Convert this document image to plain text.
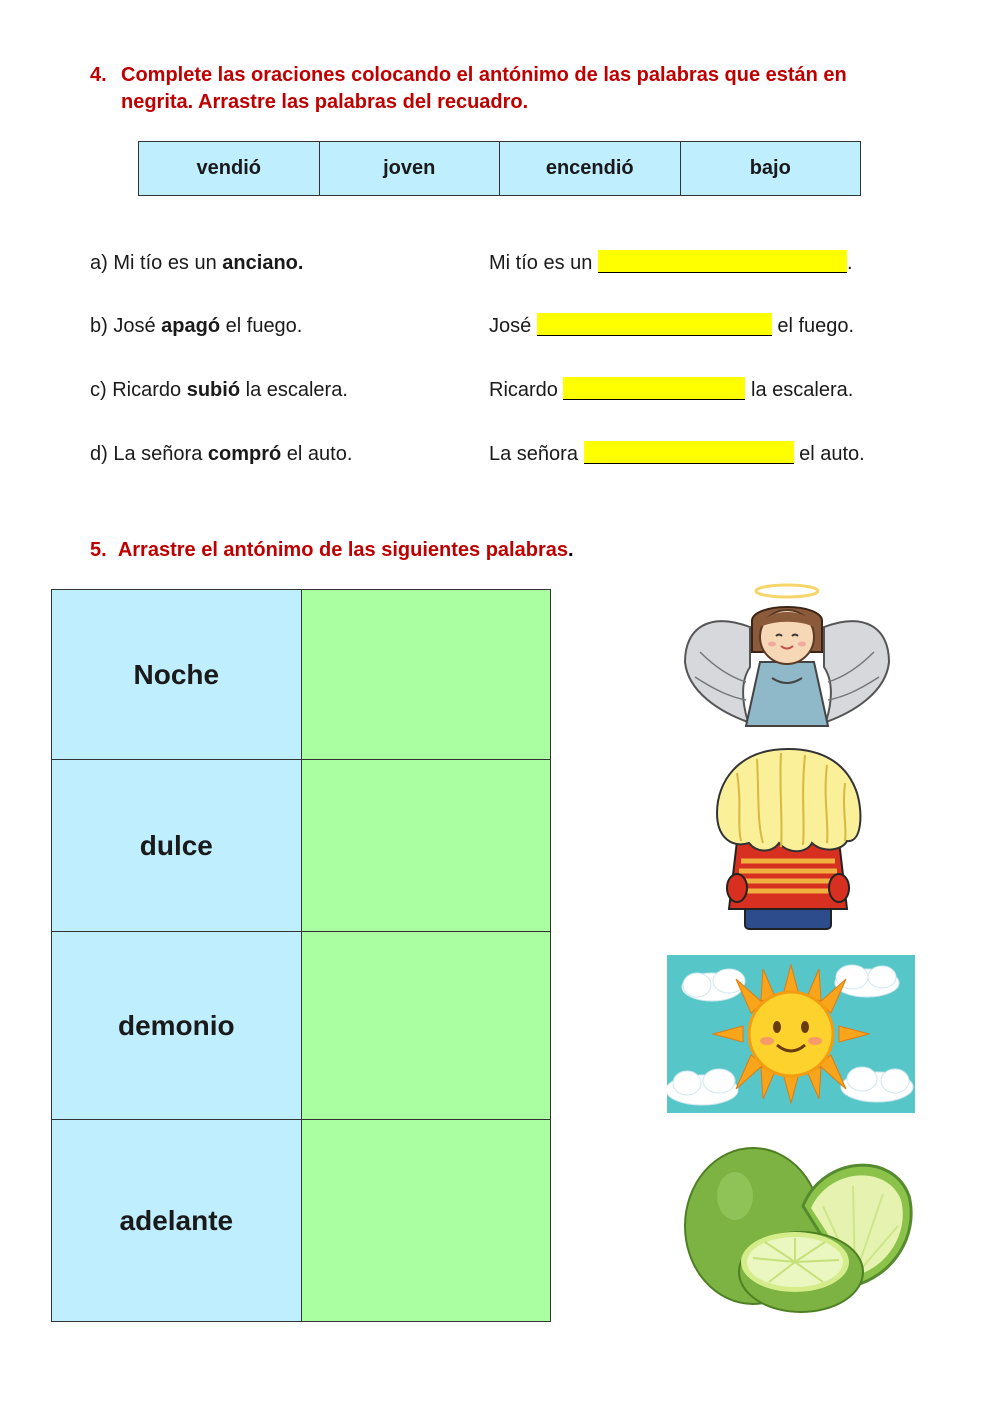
4. Complete las oraciones colocando el antónimo de las palabras que están en negrita. Arrastre las palabras del recuadro.
vendió	joven	encendió	bajo
a) Mi tío es un anciano.	Mi tío es un	.
b) José apagó el fuego.	José	el fuego.
c) Ricardo subió la escalera.	Ricardo	la escalera.
d) La señora compró el auto.	La señora	el auto.
5. Arrastre el antónimo de las siguientes palabras.
Noche	
dulce	
demonio	
adelante	
